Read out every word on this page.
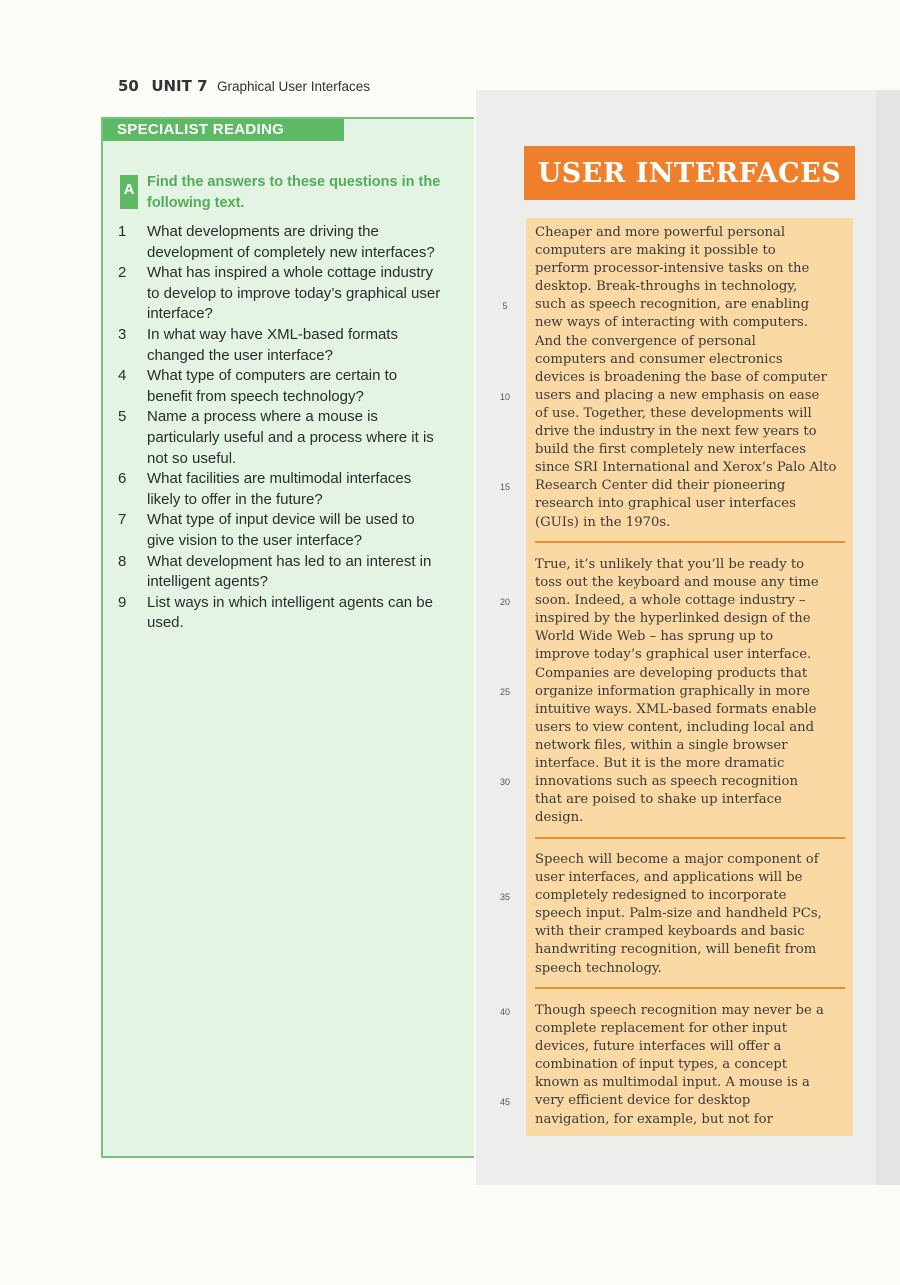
50 UNIT 7 Graphical User Interfaces
SPECIALIST READING
A Find the answers to these questions in the following text.
1	What developments are driving the
development of completely new interfaces?
2	What has inspired a whole cottage industry
to develop to improve today’s graphical user
interface?
3	In what way have XML-based formats
changed the user interface?
4	What type of computers are certain to
benefit from speech technology?
5	Name a process where a mouse is
particularly useful and a process where it is
not so useful.
6	What facilities are multimodal interfaces
likely to offer in the future?
7	What type of input device will be used to
give vision to the user interface?
8	What development has led to an interest in
intelligent agents?
9	List ways in which intelligent agents can be
used.
USER INTERFACES
Cheaper and more powerful personal
computers are making it possible to
perform processor-intensive tasks on the
desktop. Break-throughs in technology,
such as speech recognition, are enabling
new ways of interacting with computers.
And the convergence of personal
computers and consumer electronics
devices is broadening the base of computer
users and placing a new emphasis on ease
of use. Together, these developments will
drive the industry in the next few years to
build the first completely new interfaces
since SRI International and Xerox’s Palo Alto
Research Center did their pioneering
research into graphical user interfaces
(GUIs) in the 1970s.
True, it’s unlikely that you’ll be ready to
toss out the keyboard and mouse any time
soon. Indeed, a whole cottage industry –
inspired by the hyperlinked design of the
World Wide Web – has sprung up to
improve today’s graphical user interface.
Companies are developing products that
organize information graphically in more
intuitive ways. XML-based formats enable
users to view content, including local and
network files, within a single browser
interface. But it is the more dramatic
innovations such as speech recognition
that are poised to shake up interface
design.
Speech will become a major component of
user interfaces, and applications will be
completely redesigned to incorporate
speech input. Palm-size and handheld PCs,
with their cramped keyboards and basic
handwriting recognition, will benefit from
speech technology.
Though speech recognition may never be a
complete replacement for other input
devices, future interfaces will offer a
combination of input types, a concept
known as multimodal input. A mouse is a
very efficient device for desktop
navigation, for example, but not for
5
10
15
20
25
30
35
40
45
